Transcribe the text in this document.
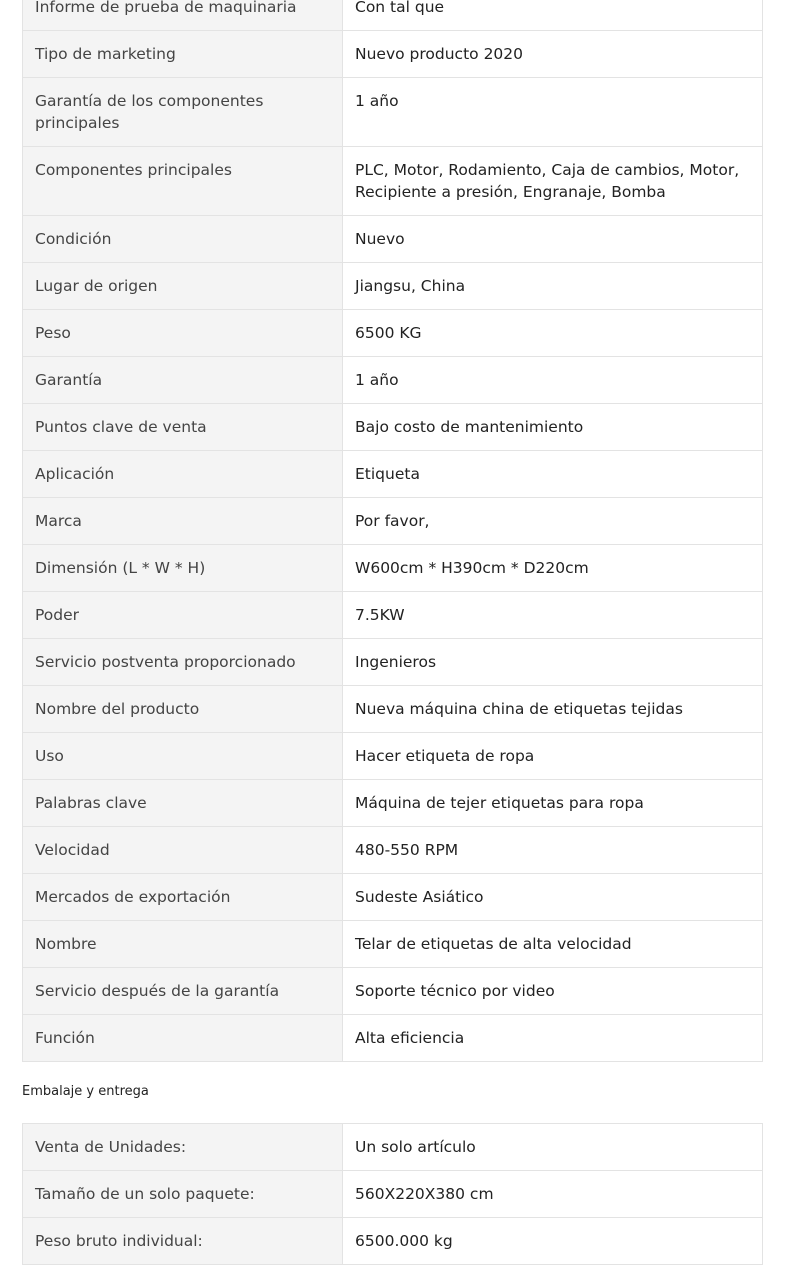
Informe de prueba de maquinaria	Con tal que
Tipo de marketing	Nuevo producto 2020
Garantía de los componentes principales	1 año
Componentes principales	PLC, Motor, Rodamiento, Caja de cambios, Motor, Recipiente a presión, Engranaje, Bomba
Condición	Nuevo
Lugar de origen	Jiangsu, China
Peso	6500 KG
Garantía	1 año
Puntos clave de venta	Bajo costo de mantenimiento
Aplicación	Etiqueta
Marca	Por favor,
Dimensión (L * W * H)	W600cm * H390cm * D220cm
Poder	7.5KW
Servicio postventa proporcionado	Ingenieros
Nombre del producto	Nueva máquina china de etiquetas tejidas
Uso	Hacer etiqueta de ropa
Palabras clave	Máquina de tejer etiquetas para ropa
Velocidad	480-550 RPM
Mercados de exportación	Sudeste Asiático
Nombre	Telar de etiquetas de alta velocidad
Servicio después de la garantía	Soporte técnico por video
Función	Alta eficiencia
Embalaje y entrega
Venta de Unidades:	Un solo artículo
Tamaño de un solo paquete:	560X220X380 cm
Peso bruto individual:	6500.000 kg
